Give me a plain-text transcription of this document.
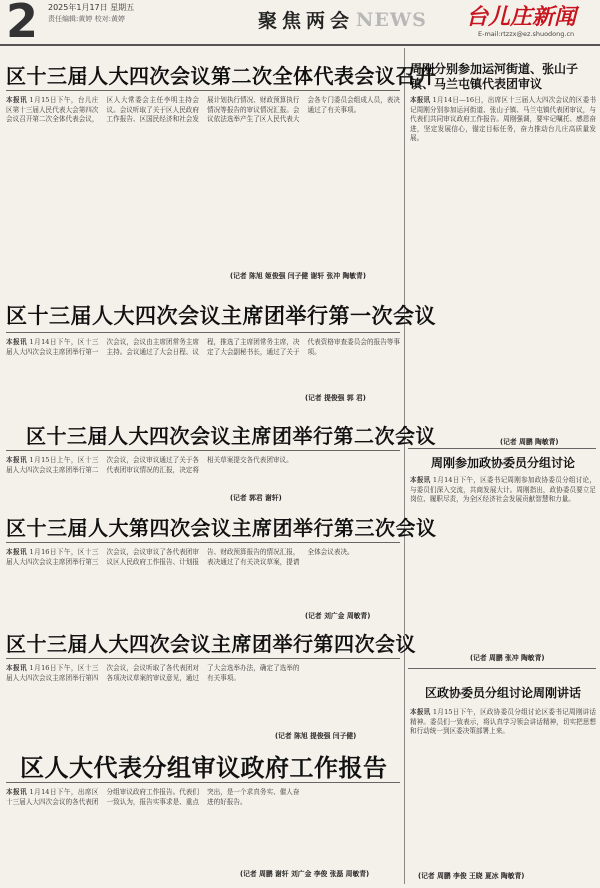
2 2025年1月17日 星期五
责任编辑:黄婷 校对:黄婷	聚焦两会 NEWS 台儿庄新闻
E-mail:rtzzx@ez.shuodong.cn
区十三届人大四次会议第二次全体代表会议召开
本报讯 1月15日下午，台儿庄区第十三届人民代表大会第四次会议召开第二次全体代表会议，区人大常委会主任李明主持会议。会议听取了关于区人民政府工作报告、区国民经济和社会发展计划执行情况、财政预算执行情况等报告的审议情况汇报。会议依法选举产生了区人民代表大会各专门委员会组成人员，表决通过了有关事项。
(记者 陈旭 姬俊强 闫子健 谢轩 张冲 陶敏青)
区十三届人大四次会议主席团举行第一次会议
本报讯 1月14日下午，区十三届人大四次会议主席团举行第一次会议，会议由主席团常务主席主持。会议通过了大会日程、议程，推选了主席团常务主席，决定了大会副秘书长，通过了关于代表资格审查委员会的报告等事项。
(记者 提俊强 郭 君)
区十三届人大四次会议主席团举行第二次会议
本报讯 1月15日上午，区十三届人大四次会议主席团举行第二次会议，会议审议通过了关于各代表团审议情况的汇报，决定将相关草案提交各代表团审议。
(记者 郭君 谢轩)
区十三届人大第四次会议主席团举行第三次会议
本报讯 1月16日下午，区十三届人大四次会议主席团举行第三次会议，会议审议了各代表团审议区人民政府工作报告、计划报告、财政预算报告的情况汇报，表决通过了有关决议草案，提请全体会议表决。
(记者 刘广金 周敏青)
区十三届人大四次会议主席团举行第四次会议
本报讯 1月16日下午，区十三届人大四次会议主席团举行第四次会议，会议听取了各代表团对各项决议草案的审议意见，通过了大会选举办法，确定了选举的有关事项。
(记者 陈旭 提俊强 闫子健)
区人大代表分组审议政府工作报告
本报讯 1月14日下午，出席区十三届人大四次会议的各代表团分组审议政府工作报告。代表们一致认为，报告实事求是、重点突出，是一个求真务实、催人奋进的好报告。
(记者 周鹏 谢轩 刘广金 李俊 张磊 周敏青)
周刚分别参加运河街道、张山子镇、马兰屯镇代表团审议
本报讯 1月14日—16日，出席区十三届人大四次会议的区委书记周刚分别参加运河街道、张山子镇、马兰屯镇代表团审议，与代表们共同审议政府工作报告。周刚强调，要牢记嘱托、感恩奋进，坚定发展信心，锚定目标任务，奋力推动台儿庄高质量发展。
(记者 周鹏 陶敏青)
周刚参加政协委员分组讨论
本报讯 1月14日下午，区委书记周刚参加政协委员分组讨论，与委员们深入交流，共商发展大计。周刚指出，政协委员要立足岗位、履职尽责，为全区经济社会发展贡献智慧和力量。
(记者 周鹏 张冲 陶敏青)
区政协委员分组讨论周刚讲话
本报讯 1月15日下午，区政协委员分组讨论区委书记周刚讲话精神。委员们一致表示，将认真学习领会讲话精神，切实把思想和行动统一到区委决策部署上来。
(记者 周鹏 李俊 王晓 夏冰 陶敏青)
